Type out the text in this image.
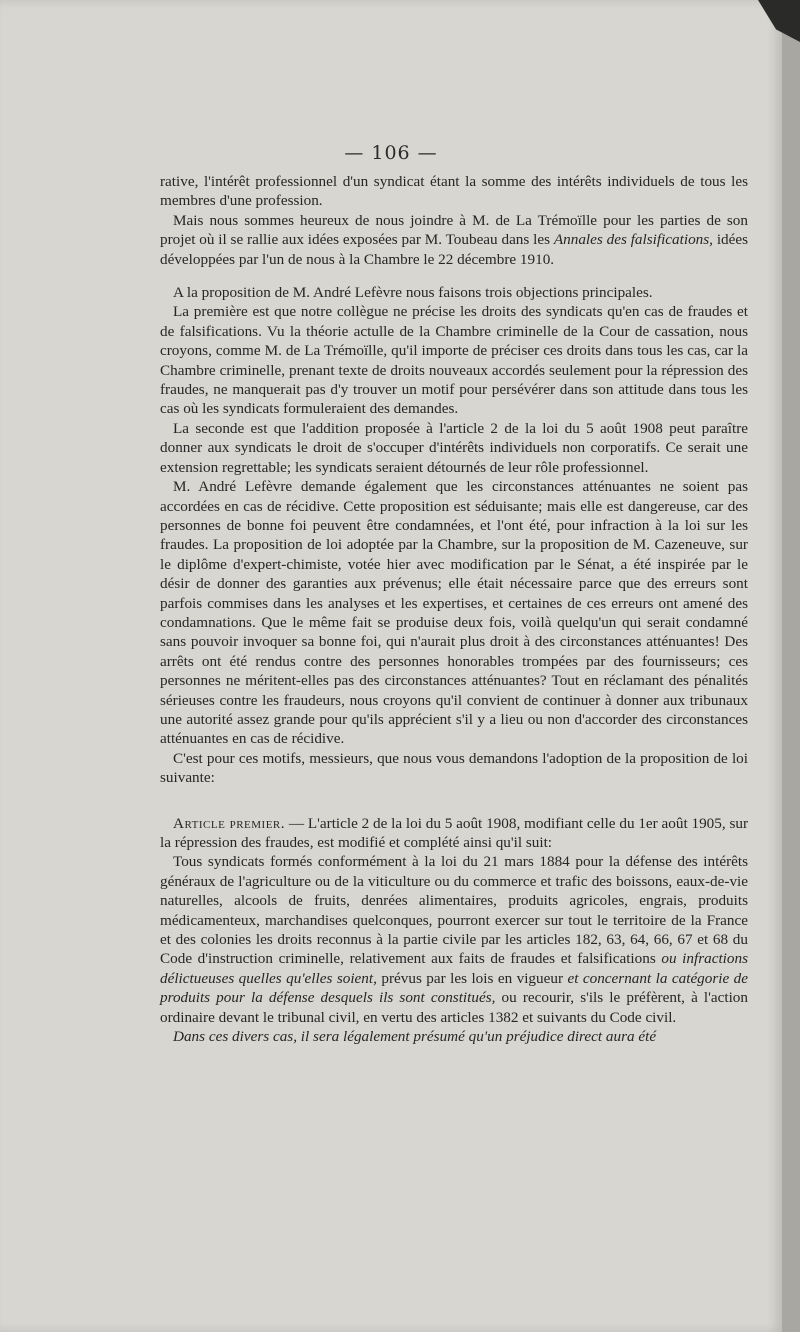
— 106 —

rative, l'intérêt professionnel d'un syndicat étant la somme des intérêts individuels de tous les membres d'une profession.

Mais nous sommes heureux de nous joindre à M. de La Trémoïlle pour les parties de son projet où il se rallie aux idées exposées par M. Toubeau dans les Annales des falsifications, idées développées par l'un de nous à la Chambre le 22 décembre 1910.

A la proposition de M. André Lefèvre nous faisons trois objections principales.

La première est que notre collègue ne précise les droits des syndicats qu'en cas de fraudes et de falsifications. Vu la théorie actulle de la Chambre criminelle de la Cour de cassation, nous croyons, comme M. de La Trémoïlle, qu'il importe de préciser ces droits dans tous les cas, car la Chambre criminelle, prenant texte de droits nouveaux accordés seulement pour la répression des fraudes, ne manquerait pas d'y trouver un motif pour persévérer dans son attitude dans tous les cas où les syndicats formuleraient des demandes.

La seconde est que l'addition proposée à l'article 2 de la loi du 5 août 1908 peut paraître donner aux syndicats le droit de s'occuper d'intérêts individuels non corporatifs. Ce serait une extension regrettable; les syndicats seraient détournés de leur rôle professionnel.

M. André Lefèvre demande également que les circonstances atténuantes ne soient pas accordées en cas de récidive. Cette proposition est séduisante; mais elle est dangereuse, car des personnes de bonne foi peuvent être condamnées, et l'ont été, pour infraction à la loi sur les fraudes. La proposition de loi adoptée par la Chambre, sur la proposition de M. Cazeneuve, sur le diplôme d'expert-chimiste, votée hier avec modification par le Sénat, a été inspirée par le désir de donner des garanties aux prévenus; elle était nécessaire parce que des erreurs sont parfois commises dans les analyses et les expertises, et certaines de ces erreurs ont amené des condamnations. Que le même fait se produise deux fois, voilà quelqu'un qui serait condamné sans pouvoir invoquer sa bonne foi, qui n'aurait plus droit à des circonstances atténuantes! Des arrêts ont été rendus contre des personnes honorables trompées par des fournisseurs; ces personnes ne méritent-elles pas des circonstances atténuantes? Tout en réclamant des pénalités sérieuses contre les fraudeurs, nous croyons qu'il convient de continuer à donner aux tribunaux une autorité assez grande pour qu'ils apprécient s'il y a lieu ou non d'accorder des circonstances atténuantes en cas de récidive.

C'est pour ces motifs, messieurs, que nous vous demandons l'adoption de la proposition de loi suivante:

Article premier. — L'article 2 de la loi du 5 août 1908, modifiant celle du 1er août 1905, sur la répression des fraudes, est modifié et complété ainsi qu'il suit:

Tous syndicats formés conformément à la loi du 21 mars 1884 pour la défense des intérêts généraux de l'agriculture ou de la viticulture ou du commerce et trafic des boissons, eaux-de-vie naturelles, alcools de fruits, denrées alimentaires, produits agricoles, engrais, produits médicamenteux, marchandises quelconques, pourront exercer sur tout le territoire de la France et des colonies les droits reconnus à la partie civile par les articles 182, 63, 64, 66, 67 et 68 du Code d'instruction criminelle, relativement aux faits de fraudes et falsifications ou infractions délictueuses quelles qu'elles soient, prévus par les lois en vigueur et concernant la catégorie de produits pour la défense desquels ils sont constitués, ou recourir, s'ils le préfèrent, à l'action ordinaire devant le tribunal civil, en vertu des articles 1382 et suivants du Code civil.

Dans ces divers cas, il sera légalement présumé qu'un préjudice direct aura été
